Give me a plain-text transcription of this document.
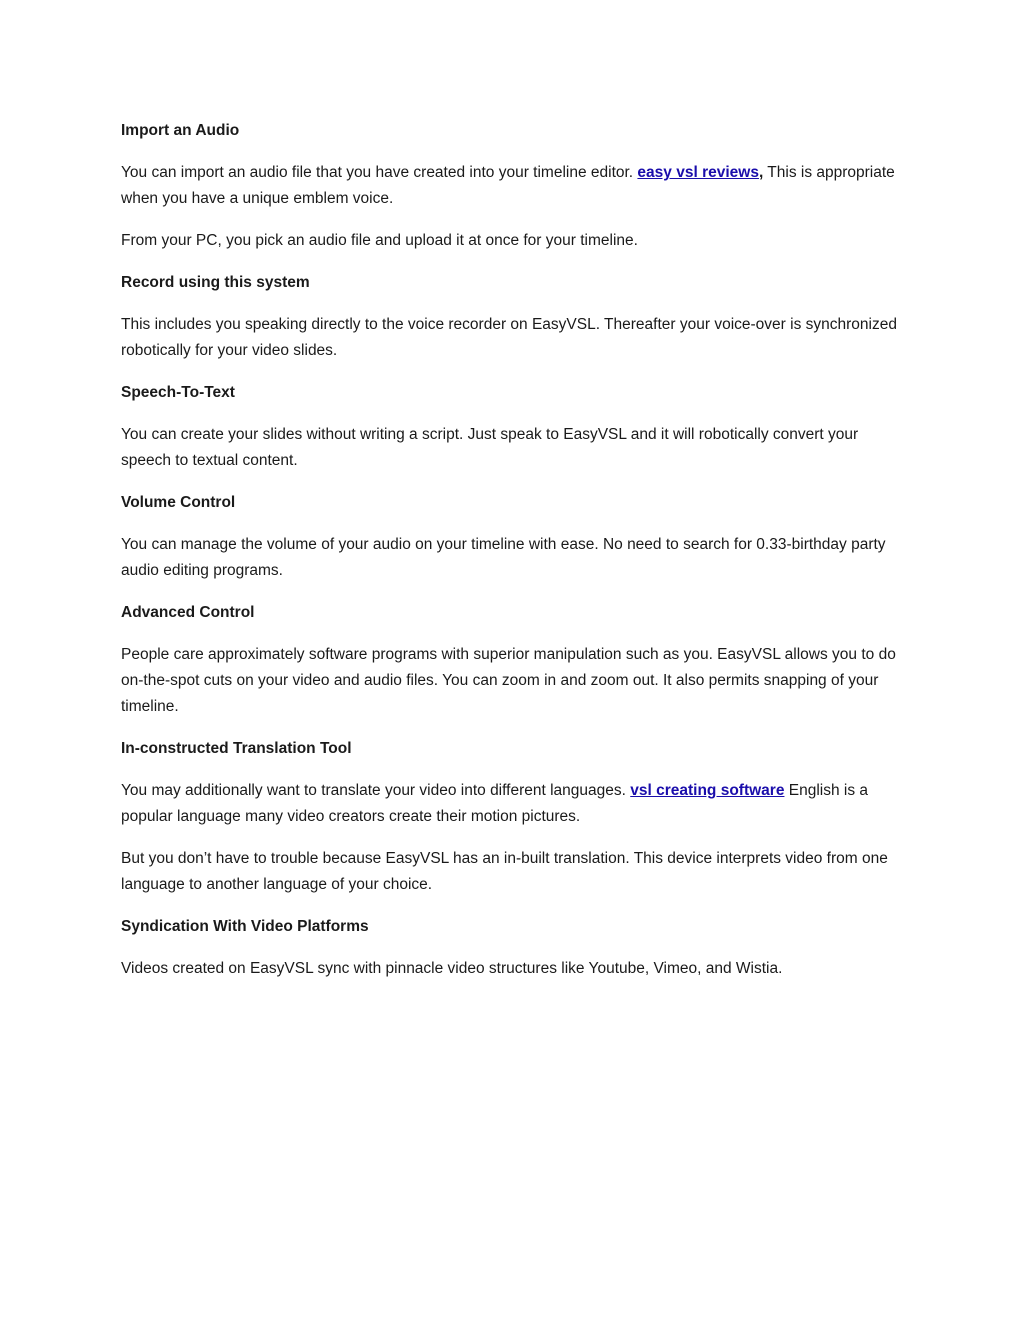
Import an Audio

You can import an audio file that you have created into your timeline editor. easy vsl reviews, This is appropriate when you have a unique emblem voice.

From your PC, you pick an audio file and upload it at once for your timeline.

Record using this system

This includes you speaking directly to the voice recorder on EasyVSL. Thereafter your voice-over is synchronized robotically for your video slides.

Speech-To-Text

You can create your slides without writing a script. Just speak to EasyVSL and it will robotically convert your speech to textual content.

Volume Control

You can manage the volume of your audio on your timeline with ease. No need to search for 0.33-birthday party audio editing programs.

Advanced Control

People care approximately software programs with superior manipulation such as you. EasyVSL allows you to do on-the-spot cuts on your video and audio files. You can zoom in and zoom out. It also permits snapping of your timeline.

In-constructed Translation Tool

You may additionally want to translate your video into different languages. vsl creating software English is a popular language many video creators create their motion pictures.

But you don’t have to trouble because EasyVSL has an in-built translation. This device interprets video from one language to another language of your choice.

Syndication With Video Platforms

Videos created on EasyVSL sync with pinnacle video structures like Youtube, Vimeo, and Wistia.
